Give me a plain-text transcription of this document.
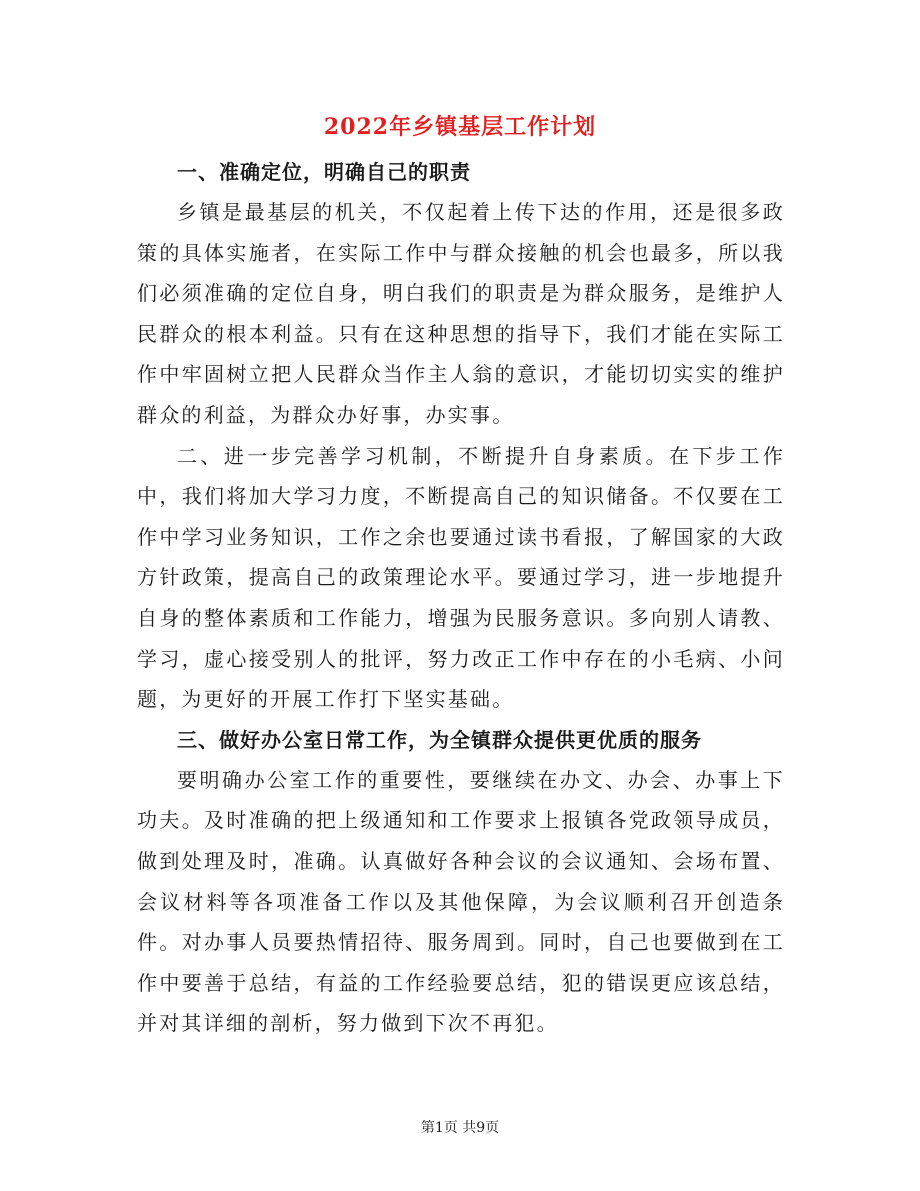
2022年乡镇基层工作计划

一、准确定位，明确自己的职责

乡镇是最基层的机关，不仅起着上传下达的作用，还是很多政策的具体实施者，在实际工作中与群众接触的机会也最多，所以我们必须准确的定位自身，明白我们的职责是为群众服务，是维护人民群众的根本利益。只有在这种思想的指导下，我们才能在实际工作中牢固树立把人民群众当作主人翁的意识，才能切切实实的维护群众的利益，为群众办好事，办实事。

二、进一步完善学习机制，不断提升自身素质。在下步工作中，我们将加大学习力度，不断提高自己的知识储备。不仅要在工作中学习业务知识，工作之余也要通过读书看报，了解国家的大政方针政策，提高自己的政策理论水平。要通过学习，进一步地提升自身的整体素质和工作能力，增强为民服务意识。多向别人请教、学习，虚心接受别人的批评，努力改正工作中存在的小毛病、小问题，为更好的开展工作打下坚实基础。

三、做好办公室日常工作，为全镇群众提供更优质的服务

要明确办公室工作的重要性，要继续在办文、办会、办事上下功夫。及时准确的把上级通知和工作要求上报镇各党政领导成员，做到处理及时，准确。认真做好各种会议的会议通知、会场布置、会议材料等各项准备工作以及其他保障，为会议顺利召开创造条件。对办事人员要热情招待、服务周到。同时，自己也要做到在工作中要善于总结，有益的工作经验要总结，犯的错误更应该总结，并对其详细的剖析，努力做到下次不再犯。

第1页 共9页
